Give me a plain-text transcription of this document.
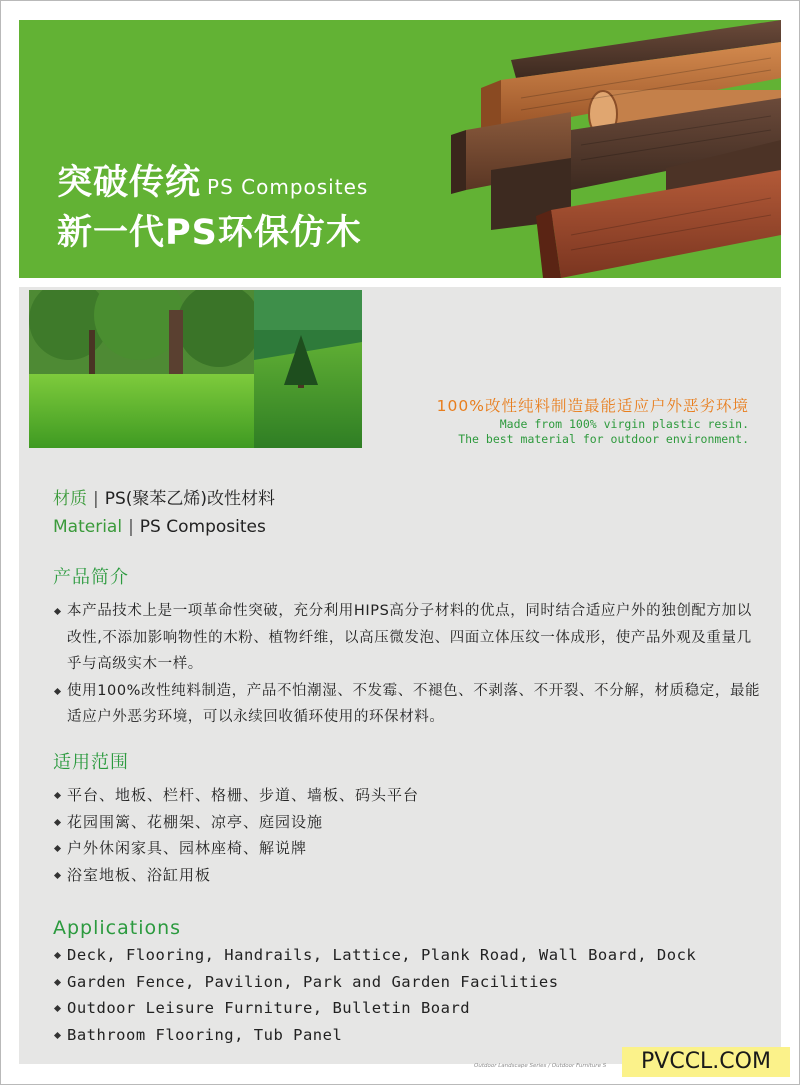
突破传统 PS Composites
新一代PS环保仿木
100%改性纯料制造最能适应户外恶劣环境
Made from 100% virgin plastic resin.
The best material for outdoor environment.
材质 | PS(聚苯乙烯)改性材料
Material | PS Composites
产品简介
本产品技术上是一项革命性突破，充分利用HIPS高分子材料的优点，同时结合适应户外的独创配方加以改性,不添加影响物性的木粉、植物纤维，以高压微发泡、四面立体压纹一体成形，使产品外观及重量几乎与高级实木一样。
使用100%改性纯料制造，产品不怕潮湿、不发霉、不褪色、不剥落、不开裂、不分解，材质稳定，最能适应户外恶劣环境，可以永续回收循环使用的环保材料。
适用范围
平台、地板、栏杆、格栅、步道、墙板、码头平台
花园围篱、花棚架、凉亭、庭园设施
户外休闲家具、园林座椅、解说牌
浴室地板、浴缸用板
Applications
Deck, Flooring, Handrails, Lattice, Plank Road, Wall Board, Dock
Garden Fence, Pavilion, Park and Garden Facilities
Outdoor Leisure Furniture, Bulletin Board
Bathroom Flooring, Tub Panel
Outdoor Landscape Series / Outdoor Furniture S	PVCCL.COM
